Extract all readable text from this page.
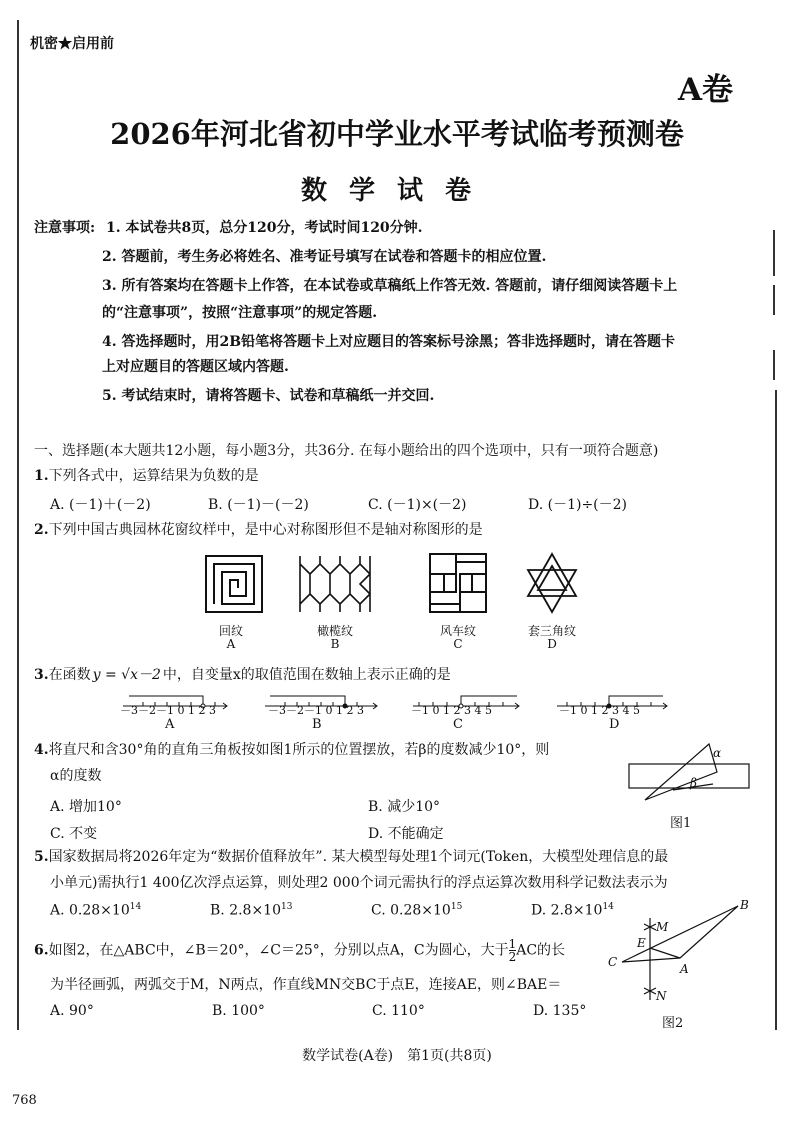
机密★启用前
A卷
2026年河北省初中学业水平考试临考预测卷
数学试卷
注意事项: 1. 本试卷共8页，总分120分，考试时间120分钟.
2. 答题前，考生务必将姓名、准考证号填写在试卷和答题卡的相应位置.
3. 所有答案均在答题卡上作答，在本试卷或草稿纸上作答无效. 答题前，请仔细阅读答题卡上
的“注意事项”，按照“注意事项”的规定答题.
4. 答选择题时，用2B铅笔将答题卡上对应题目的答案标号涂黑；答非选择题时，请在答题卡
上对应题目的答题区域内答题.
5. 考试结束时，请将答题卡、试卷和草稿纸一并交回.
一、选择题(本大题共12小题，每小题3分，共36分. 在每小题给出的四个选项中，只有一项符合题意)
1.下列各式中，运算结果为负数的是
A. (－1)＋(－2)	B. (－1)－(－2)	C. (－1)×(－2)	D. (－1)÷(－2)
2.下列中国古典园林花窗纹样中，是中心对称图形但不是轴对称图形的是
回纹
A
橄榄纹
B
风车纹
C
套三角纹
D
3.在函数 y = √x－2 中，自变量x的取值范围在数轴上表示正确的是
－3－2－1 0 1 2 3	－3－2－1 0 1 2 3	－1 0 1 2 3 4 5	－1 0 1 2 3 4 5
A	B	C	D
4.将直尺和含30°角的直角三角板按如图1所示的位置摆放，若β的度数减少10°，则
α的度数
A. 增加10°	B. 减少10°
C. 不变	D. 不能确定
α
β
图1
5.国家数据局将2026年定为“数据价值释放年”. 某大模型每处理1个词元(Token，大模型处理信息的最
小单元)需执行1 400亿次浮点运算，则处理2 000个词元需执行的浮点运算次数用科学记数法表示为
A. $0.28\times 10^{14}$	B. $2.8\times 10^{13}$	C. $0.28\times 10^{15}$	D. $2.8\times 10^{14}$
6.如图2，在△ABC中，∠B＝20°，∠C＝25°，分别以点A，C为圆心，大于 $\frac{1}{2}$ AC的长
为半径画弧，两弧交于M，N两点，作直线MN交BC于点E，连接AE，则∠BAE＝
A. 90°	B. 100°	C. 110°	D. 135°
B
M
E
C	A
N
图2
数学试卷(A卷)　第1页(共8页)
768
